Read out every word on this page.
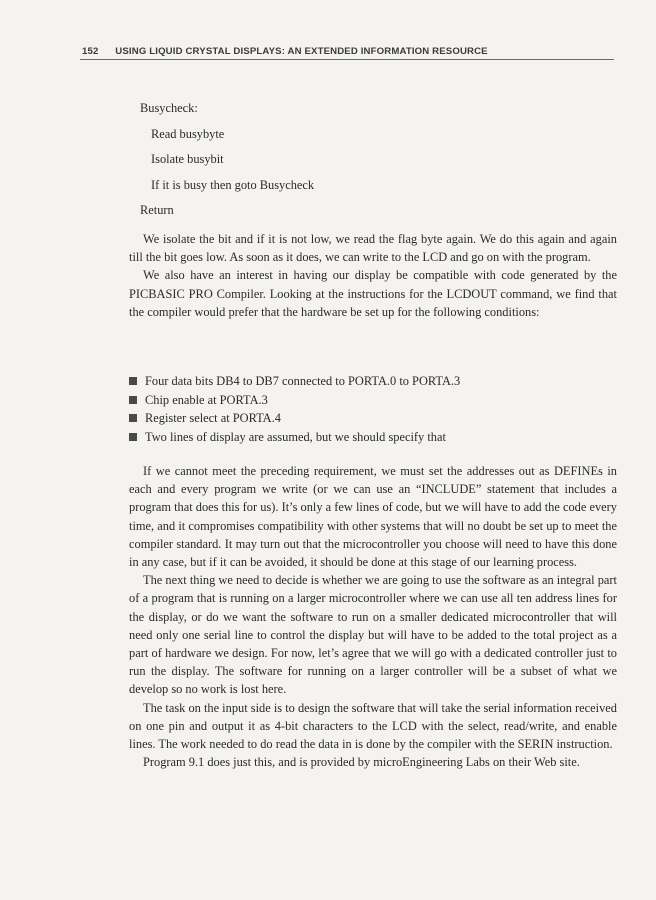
152 USING LIQUID CRYSTAL DISPLAYS: AN EXTENDED INFORMATION RESOURCE
Busycheck:
Read busybyte
Isolate busybit
If it is busy then goto Busycheck
Return

We isolate the bit and if it is not low, we read the flag byte again. We do this again and again till the bit goes low. As soon as it does, we can write to the LCD and go on with the program.

We also have an interest in having our display be compatible with code generated by the PICBASIC PRO Compiler. Looking at the instructions for the LCDOUT command, we find that the compiler would prefer that the hardware be set up for the following conditions:

Four data bits DB4 to DB7 connected to PORTA.0 to PORTA.3
Chip enable at PORTA.3
Register select at PORTA.4
Two lines of display are assumed, but we should specify that

If we cannot meet the preceding requirement, we must set the addresses out as DEFINEs in each and every program we write (or we can use an “INCLUDE” statement that includes a program that does this for us). It’s only a few lines of code, but we will have to add the code every time, and it compromises compatibility with other systems that will no doubt be set up to meet the compiler standard. It may turn out that the microcontroller you choose will need to have this done in any case, but if it can be avoided, it should be done at this stage of our learning process.

The next thing we need to decide is whether we are going to use the software as an integral part of a program that is running on a larger microcontroller where we can use all ten address lines for the display, or do we want the software to run on a smaller dedicated microcontroller that will need only one serial line to control the display but will have to be added to the total project as a part of hardware we design. For now, let’s agree that we will go with a dedicated controller just to run the display. The software for running on a larger controller will be a subset of what we develop so no work is lost here.

The task on the input side is to design the software that will take the serial information received on one pin and output it as 4-bit characters to the LCD with the select, read/write, and enable lines. The work needed to do read the data in is done by the compiler with the SERIN instruction.

Program 9.1 does just this, and is provided by microEngineering Labs on their Web site.
